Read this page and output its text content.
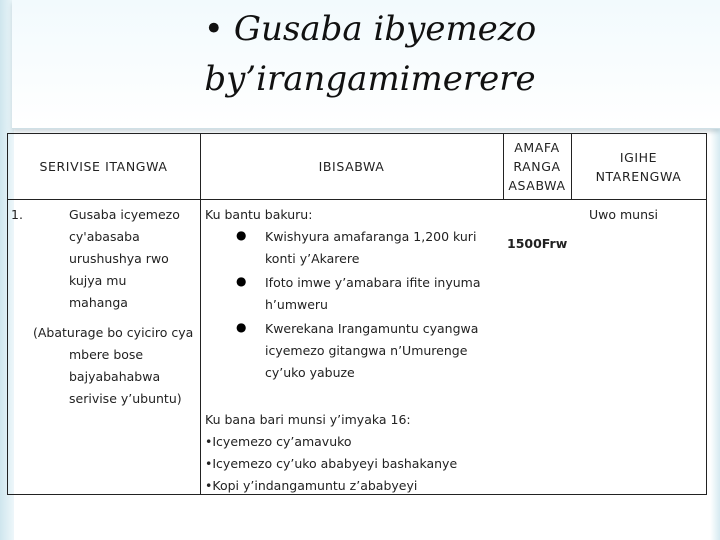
• Gusaba ibyemezo
by’irangamimerere
SERIVISE ITANGWA	IBISABWA
AMAFA
RANGA
ASABWA
IGIHE
NTARENGWA
1.	Gusaba icyemezo
cy'abasaba
urushushya rwo
kujya mu
mahanga
(Abaturage bo cyiciro cya
mbere bose
bajyabahabwa
serivise y’ubuntu)
Ku bantu bakuru:
● Kwishyura amafaranga 1,200 kuri
konti y’Akarere
● Ifoto imwe y’amabara ifite inyuma
h’umweru
● Kwerekana Irangamuntu cyangwa
icyemezo gitangwa n’Umurenge
cy’uko yabuze
Ku bana bari munsi y’imyaka 16:
•Icyemezo cy’amavuko
•Icyemezo cy’uko ababyeyi bashakanye
•Kopi y’indangamuntu z’ababyeyi
1500Frw
Uwo munsi
